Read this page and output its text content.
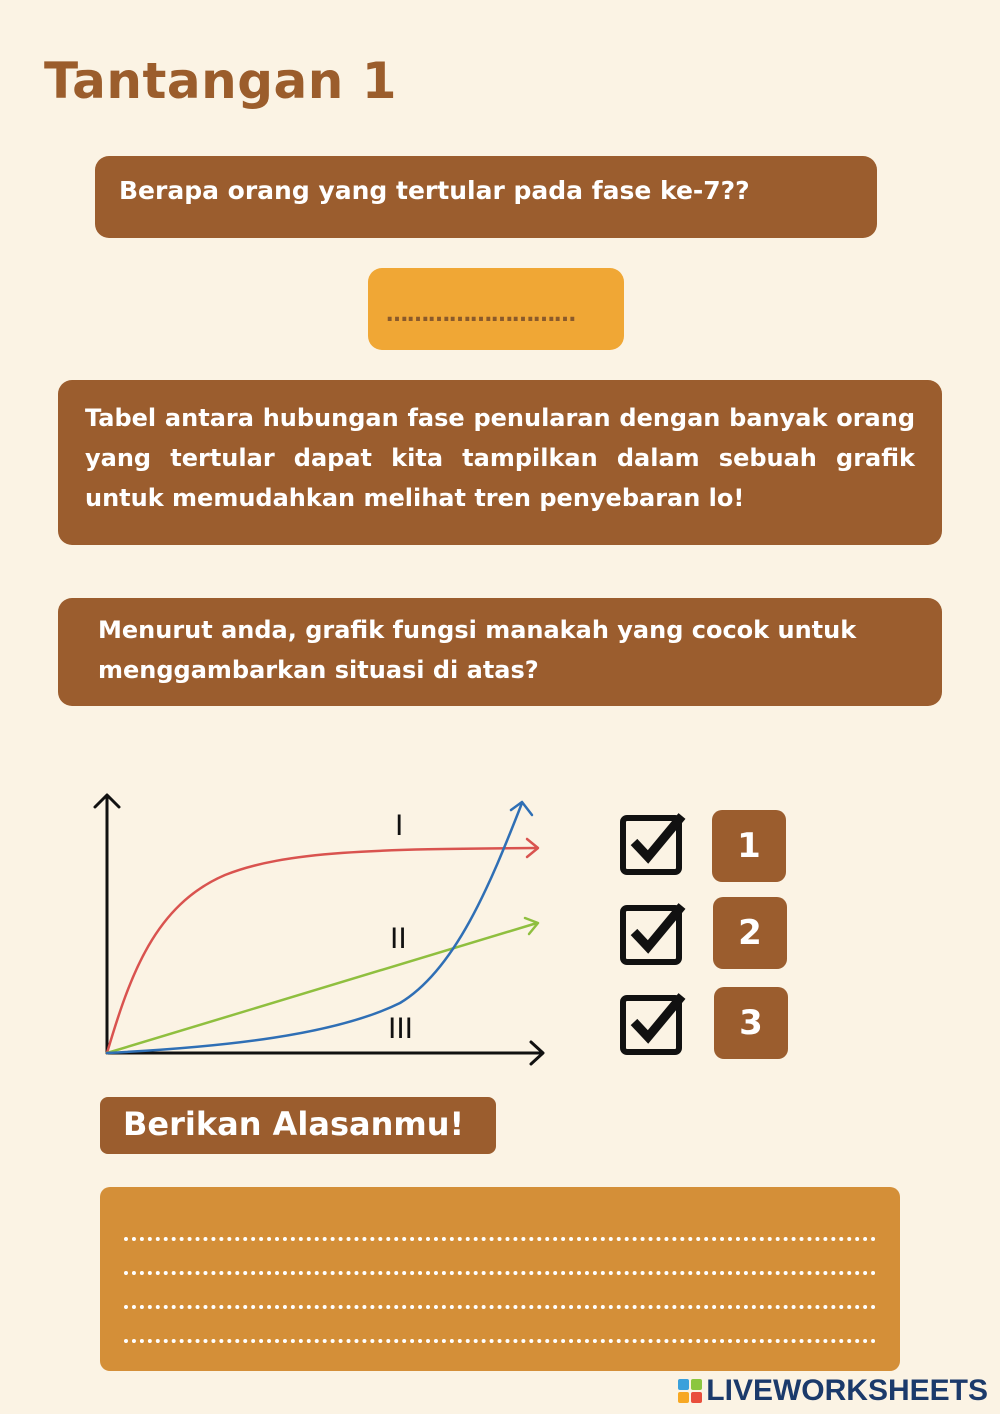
Tantangan 1
Berapa orang yang tertular pada fase ke-7??
………………………
Tabel antara hubungan fase penularan dengan banyak orang yang tertular dapat kita tampilkan dalam sebuah grafik untuk memudahkan melihat tren penyebaran lo!
Menurut anda, grafik fungsi manakah yang cocok untuk menggambarkan situasi di atas?
I
II
III
1
2
3
Berikan Alasanmu!
LIVEWORKSHEETS
